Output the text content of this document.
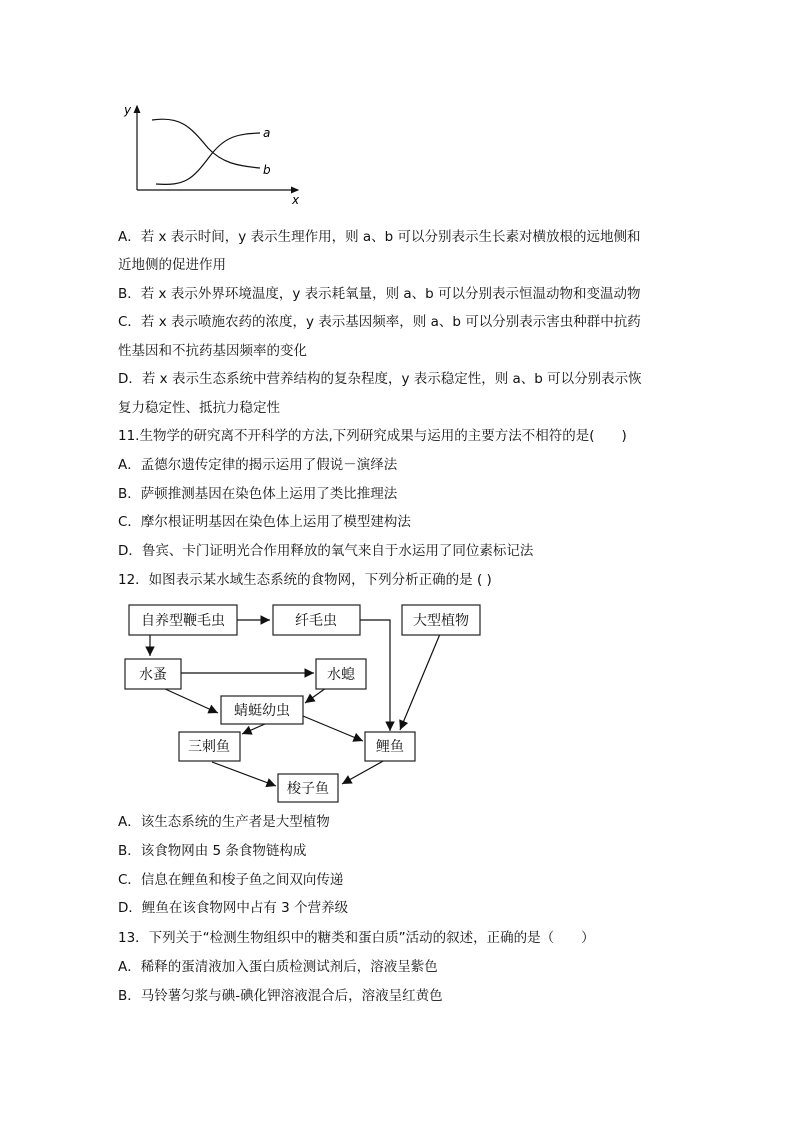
y
x
a
b
A．若 x 表示时间，y 表示生理作用，则 a、b 可以分别表示生长素对横放根的远地侧和
近地侧的促进作用
B．若 x 表示外界环境温度，y 表示耗氧量，则 a、b 可以分别表示恒温动物和变温动物
C．若 x 表示喷施农药的浓度，y 表示基因频率，则 a、b 可以分别表示害虫种群中抗药
性基因和不抗药基因频率的变化
D．若 x 表示生态系统中营养结构的复杂程度，y 表示稳定性，则 a、b 可以分别表示恢
复力稳定性、抵抗力稳定性
11.生物学的研究离不开科学的方法,下列研究成果与运用的主要方法不相符的是(　　)
A．孟德尔遗传定律的揭示运用了假说－演绎法
B．萨顿推测基因在染色体上运用了类比推理法
C．摩尔根证明基因在染色体上运用了模型建构法
D．鲁宾、卡门证明光合作用释放的氧气来自于水运用了同位素标记法
12．如图表示某水域生态系统的食物网，下列分析正确的是 ( )
自养型鞭毛虫	纤毛虫	大型植物
水蚤	水螅
蜻蜓幼虫
三刺鱼	鲤鱼
梭子鱼
A．该生态系统的生产者是大型植物
B．该食物网由 5 条食物链构成
C．信息在鲤鱼和梭子鱼之间双向传递
D．鲤鱼在该食物网中占有 3 个营养级
13．下列关于“检测生物组织中的糖类和蛋白质”活动的叙述，正确的是（　　）
A．稀释的蛋清液加入蛋白质检测试剂后，溶液呈紫色
B．马铃薯匀浆与碘-碘化钾溶液混合后，溶液呈红黄色
